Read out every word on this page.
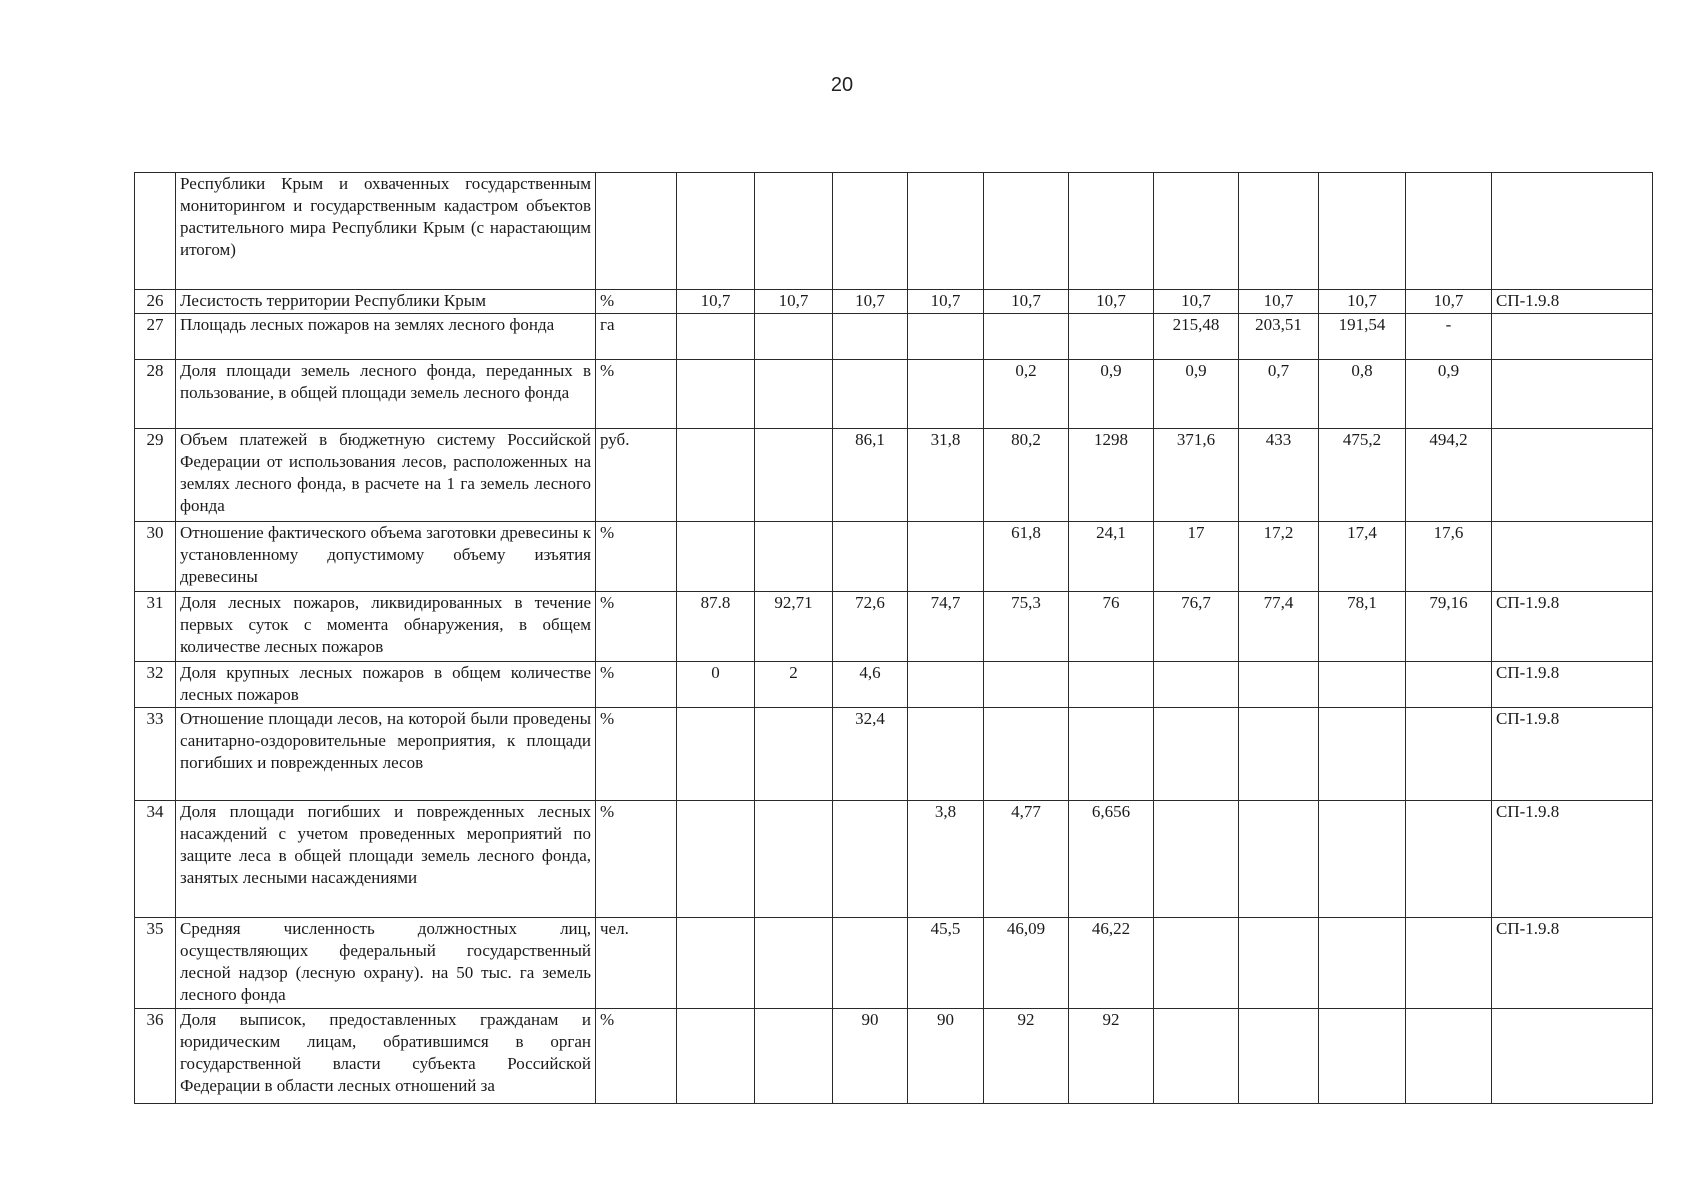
20
	Республики Крым и охваченных государственным мониторингом и государственным кадастром объектов растительного мира Республики Крым (с нарастающим итогом)												
26	Лесистость территории Республики Крым	%	10,7	10,7	10,7	10,7	10,7	10,7	10,7	10,7	10,7	10,7	СП-1.9.8
27	Площадь лесных пожаров на землях лесного фонда	га							215,48	203,51	191,54	-	
28	Доля площади земель лесного фонда, переданных в пользование, в общей площади земель лесного фонда	%					0,2	0,9	0,9	0,7	0,8	0,9	
29	Объем платежей в бюджетную систему Российской Федерации от использования лесов, расположенных на землях лесного фонда, в расчете на 1 га земель лесного фонда	руб.			86,1	31,8	80,2	1298	371,6	433	475,2	494,2	
30	Отношение фактического объема заготовки древесины к установленному допустимому объему изъятия древесины	%					61,8	24,1	17	17,2	17,4	17,6	
31	Доля лесных пожаров, ликвидированных в течение первых суток с момента обнаружения, в общем количестве лесных пожаров	%	87.8	92,71	72,6	74,7	75,3	76	76,7	77,4	78,1	79,16	СП-1.9.8
32	Доля крупных лесных пожаров в общем количестве лесных пожаров	%	0	2	4,6								СП-1.9.8
33	Отношение площади лесов, на которой были проведены санитарно-оздоровительные мероприятия, к площади погибших и поврежденных лесов	%			32,4								СП-1.9.8
34	Доля площади погибших и поврежденных лесных насаждений с учетом проведенных мероприятий по защите леса в общей площади земель лесного фонда, занятых лесными насаждениями	%				3,8	4,77	6,656					СП-1.9.8
35	Средняя численность должностных лиц, осуществляющих федеральный государственный лесной надзор (лесную охрану). на 50 тыс. га земель лесного фонда	чел.				45,5	46,09	46,22					СП-1.9.8
36	Доля выписок, предоставленных гражданам и юридическим лицам, обратившимся в орган государственной власти субъекта Российской Федерации в области лесных отношений за	%			90	90	92	92					
